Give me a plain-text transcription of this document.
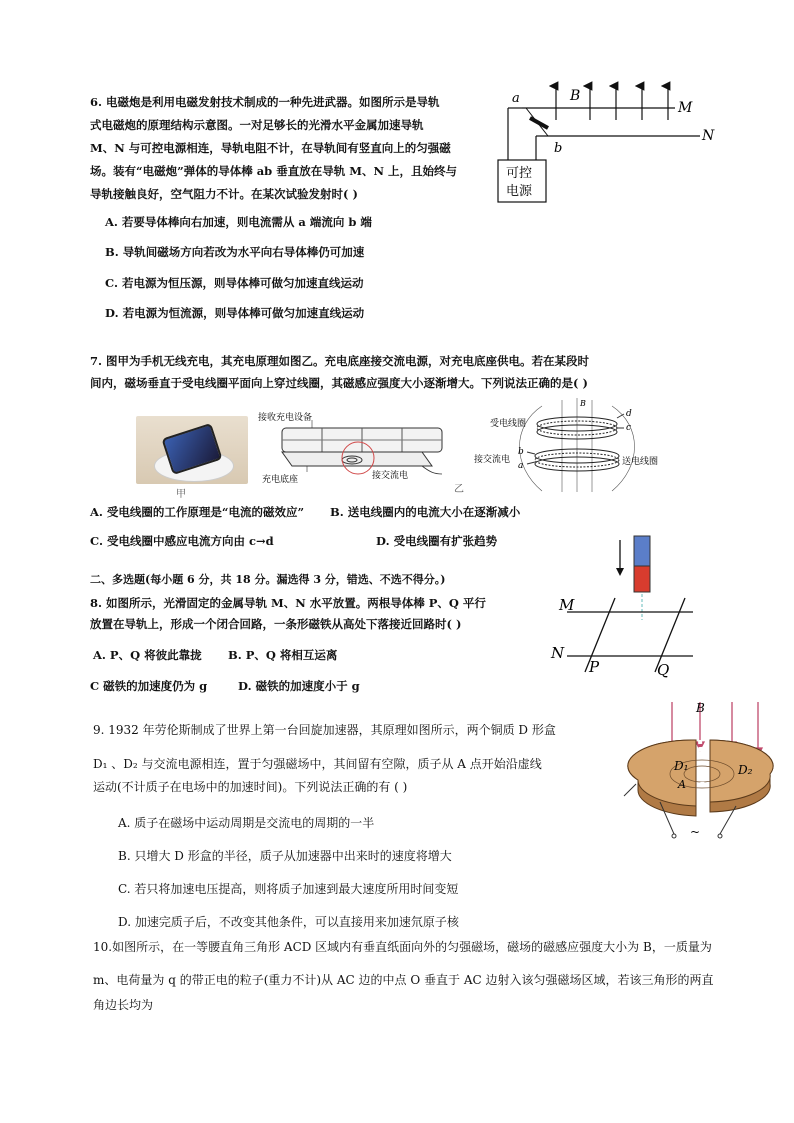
6. 电磁炮是利用电磁发射技术制成的一种先进武器。如图所示是导轨
式电磁炮的原理结构示意图。一对足够长的光滑水平金属加速导轨
M、N 与可控电源相连，导轨电阻不计，在导轨间有竖直向上的匀强磁
场。装有“电磁炮”弹体的导体棒 ab 垂直放在导轨 M、N 上，且始终与
导轨接触良好，空气阻力不计。在某次试验发射时( )
A. 若要导体棒向右加速，则电流需从 a 端流向 b 端
B. 导轨间磁场方向若改为水平向右导体棒仍可加速
C. 若电源为恒压源，则导体棒可做匀加速直线运动
D. 若电源为恒流源，则导体棒可做匀加速直线运动
a
b
B
M
N
可控
电源
7. 图甲为手机无线充电，其充电原理如图乙。充电底座接交流电源，对充电底座供电。若在某段时
间内，磁场垂直于受电线圈平面向上穿过线圈，其磁感应强度大小逐渐增大。下列说法正确的是( )
甲
接收充电设备
充电底座	接交流电
乙
B
d
c
b
a
受电线圈
接交流电	送电线圈
A. 受电线圈的工作原理是“电流的磁效应” B. 送电线圈内的电流大小在逐渐减小
C. 受电线圈中感应电流方向由 c→d	D. 受电线圈有扩张趋势
二、多选题(每小题 6 分，共 18 分。漏选得 3 分，错选、不选不得分。)
8. 如图所示，光滑固定的金属导轨 M、N 水平放置。两根导体棒 P、Q 平行
放置在导轨上，形成一个闭合回路，一条形磁铁从高处下落接近回路时( )
A. P、Q 将彼此靠拢 B. P、Q 将相互运离
C 磁铁的加速度仍为 g	D. 磁铁的加速度小于 g
M
N
P	Q
9. 1932 年劳伦斯制成了世界上第一台回旋加速器，其原理如图所示，两个铜质 D 形盒
D₁ 、D₂ 与交流电源相连，置于匀强磁场中，其间留有空隙，质子从 A 点开始沿虚线
运动(不计质子在电场中的加速时间)。下列说法正确的有 ( )
A. 质子在磁场中运动周期是交流电的周期的一半
B. 只增大 D 形盒的半径，质子从加速器中出来时的速度将增大
C. 若只将加速电压提高，则将质子加速到最大速度所用时间变短
D. 加速完质子后，不改变其他条件，可以直接用来加速氘原子核
B
D₁	D₂
A
~
10.如图所示，在一等腰直角三角形 ACD 区域内有垂直纸面向外的匀强磁场，磁场的磁感应强度大小为 B，一质量为
m、电荷量为 q 的带正电的粒子(重力不计)从 AC 边的中点 O 垂直于 AC 边射入该匀强磁场区域，若该三角形的两直
角边长均为
